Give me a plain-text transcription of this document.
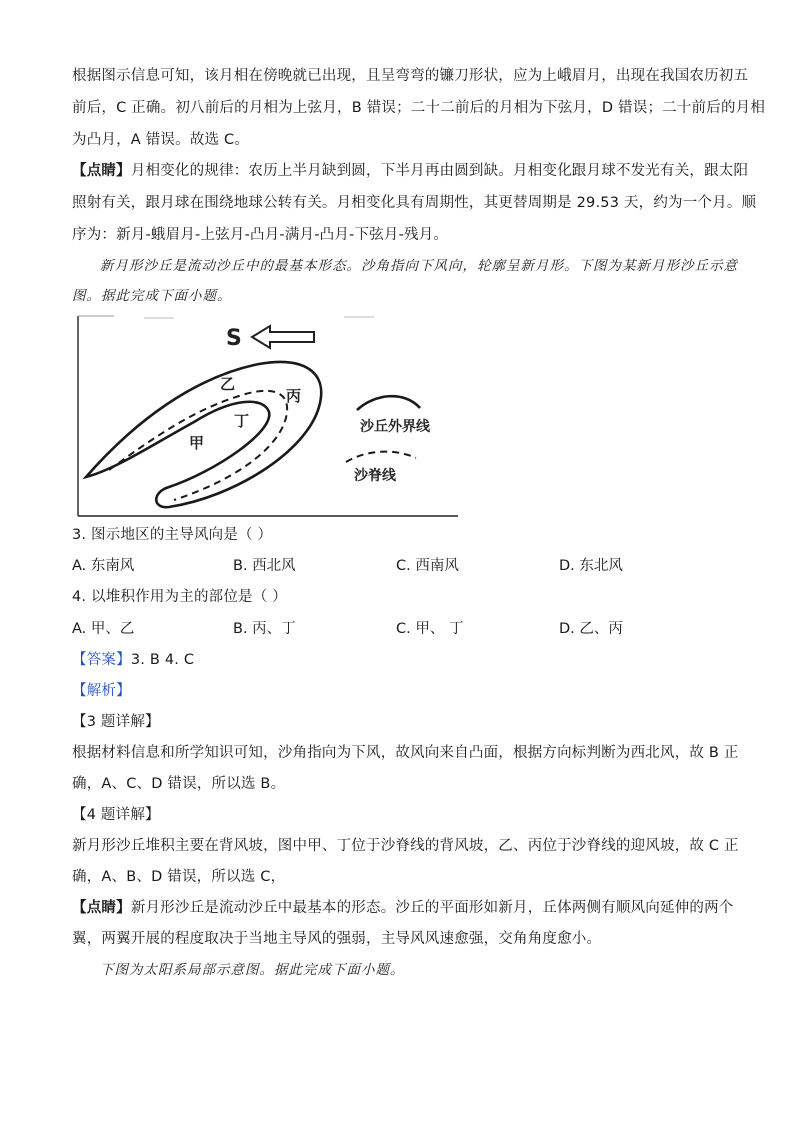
根据图示信息可知，该月相在傍晚就已出现，且呈弯弯的镰刀形状，应为上峨眉月，出现在我国农历初五
前后，C 正确。初八前后的月相为上弦月，B 错误；二十二前后的月相为下弦月，D 错误；二十前后的月相
为凸月，A 错误。故选 C。
【点睛】月相变化的规律：农历上半月缺到圆，下半月再由圆到缺。月相变化跟月球不发光有关，跟太阳
照射有关，跟月球在围绕地球公转有关。月相变化具有周期性，其更替周期是 29.53 天，约为一个月。顺
序为：新月-蛾眉月-上弦月-凸月-满月-凸月-下弦月-残月。
新月形沙丘是流动沙丘中的最基本形态。沙角指向下风向，轮廓呈新月形。下图为某新月形沙丘示意
图。据此完成下面小题。
S
甲
乙
丙
丁	沙丘外界线
沙脊线
3. 图示地区的主导风向是（ ）
A. 东南风	B. 西北风	C. 西南风	D. 东北风
4. 以堆积作用为主的部位是（ ）
A. 甲、乙	B. 丙、丁	C. 甲、 丁	D. 乙、丙
【答案】3. B 4. C
【解析】
【3 题详解】
根据材料信息和所学知识可知，沙角指向为下风，故风向来自凸面，根据方向标判断为西北风，故 B 正
确，A、C、D 错误，所以选 B。
【4 题详解】
新月形沙丘堆积主要在背风坡，图中甲、丁位于沙脊线的背风坡，乙、丙位于沙脊线的迎风坡，故 C 正
确，A、B、D 错误，所以选 C，
【点睛】新月形沙丘是流动沙丘中最基本的形态。沙丘的平面形如新月，丘体两侧有顺风向延伸的两个
翼，两翼开展的程度取决于当地主导风的强弱，主导风风速愈强，交角角度愈小。
下图为太阳系局部示意图。据此完成下面小题。
